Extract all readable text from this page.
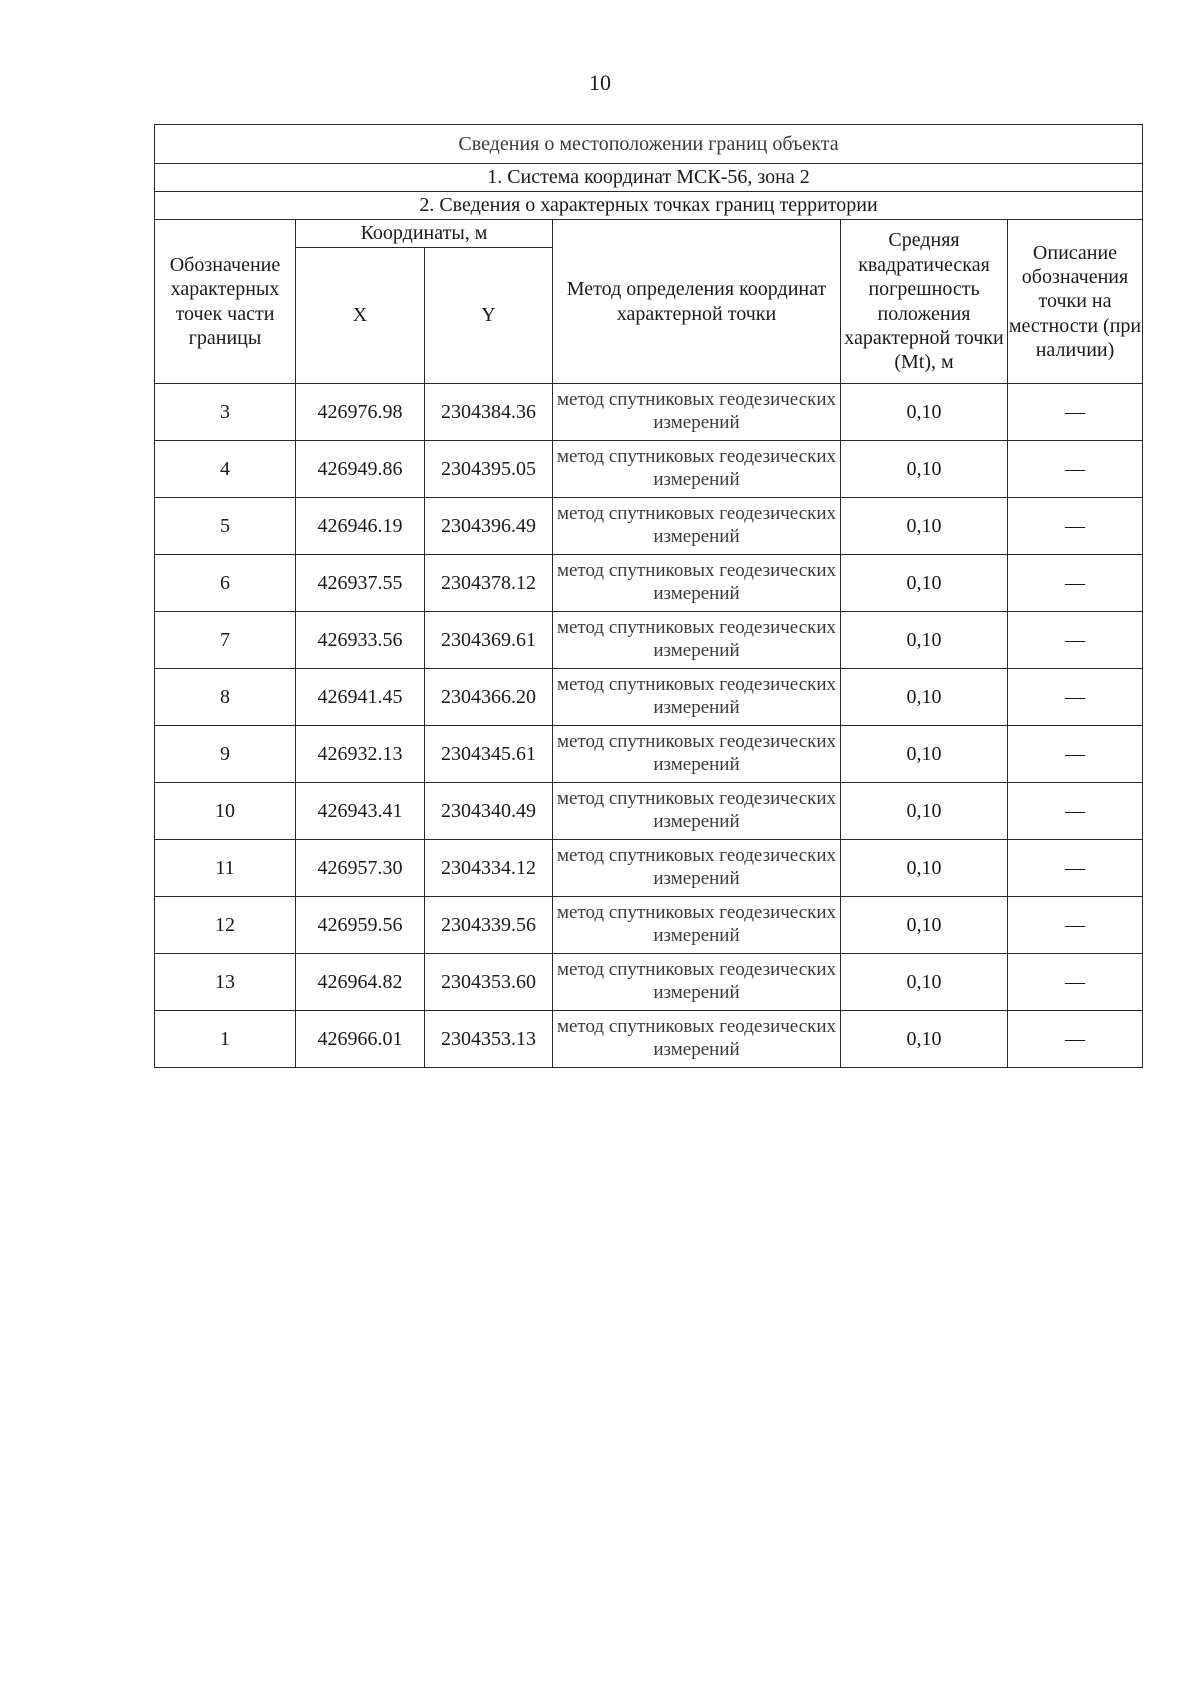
10
Сведения о местоположении границ объекта					
1. Система координат МСК-56, зона 2					
2. Сведения о характерных точках границ территории					
Обозначение характерных точек части границы	Координаты, м		Метод определения координат характерной точки	Средняя квадратическая погрешность положения характерной точки (Mt), м	Описание обозначения точки на местности (при наличии)
	X	Y			
3	426976.98	2304384.36	метод спутниковых геодезических измерений	0,10	—
4	426949.86	2304395.05	метод спутниковых геодезических измерений	0,10	—
5	426946.19	2304396.49	метод спутниковых геодезических измерений	0,10	—
6	426937.55	2304378.12	метод спутниковых геодезических измерений	0,10	—
7	426933.56	2304369.61	метод спутниковых геодезических измерений	0,10	—
8	426941.45	2304366.20	метод спутниковых геодезических измерений	0,10	—
9	426932.13	2304345.61	метод спутниковых геодезических измерений	0,10	—
10	426943.41	2304340.49	метод спутниковых геодезических измерений	0,10	—
11	426957.30	2304334.12	метод спутниковых геодезических измерений	0,10	—
12	426959.56	2304339.56	метод спутниковых геодезических измерений	0,10	—
13	426964.82	2304353.60	метод спутниковых геодезических измерений	0,10	—
1	426966.01	2304353.13	метод спутниковых геодезических измерений	0,10	—
